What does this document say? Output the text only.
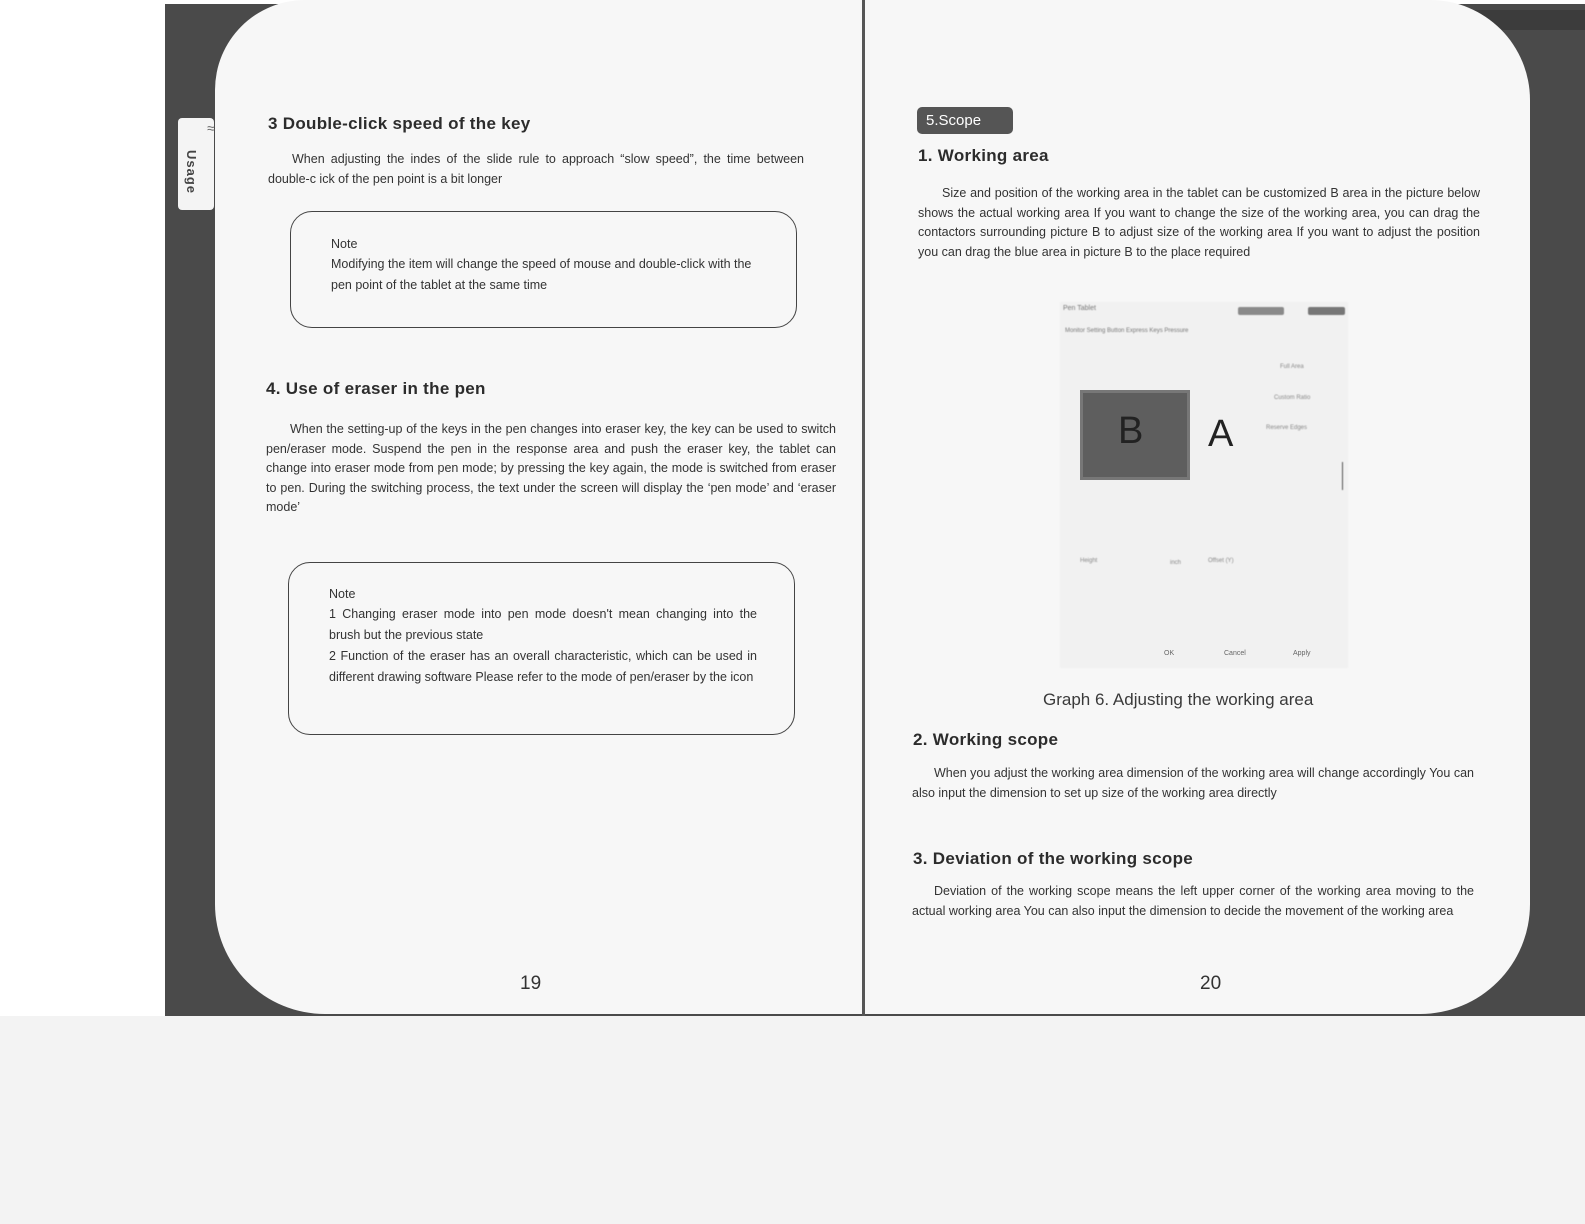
≈
Usage
3 Double-click speed of the key
When adjusting the indes of the slide rule to approach “slow speed”, the time between double-c ick of the pen point is a bit longer
Note
Modifying the item will change the speed of mouse and double-click with the pen point of the tablet at the same time
4. Use of eraser in the pen
When the setting-up of the keys in the pen changes into eraser key, the key can be used to switch pen/eraser mode. Suspend the pen in the response area and push the eraser key, the tablet can change into eraser mode from pen mode; by pressing the key again, the mode is switched from eraser to pen. During the switching process, the text under the screen will display the ‘pen mode’ and ‘eraser mode’
Note
1 Changing eraser mode into pen mode doesn't mean changing into the brush but the previous state
2 Function of the eraser has an overall characteristic, which can be used in different drawing software Please refer to the mode of pen/eraser by the icon
19
5.Scope
1. Working area
Size and position of the working area in the tablet can be customized B area in the picture below shows the actual working area If you want to change the size of the working area, you can drag the contactors surrounding picture B to adjust size of the working area If you want to adjust the position you can drag the blue area in picture B to the place required
Pen Tablet
Monitor Setting Button Express Keys Pressure
Full Area
Custom Ratio
Reserve Edges
Height	Offset (Y)
inch
B A
OK	Cancel	Apply
Graph 6. Adjusting the working area
2. Working scope
When you adjust the working area dimension of the working area will change accordingly You can also input the dimension to set up size of the working area directly
3. Deviation of the working scope
Deviation of the working scope means the left upper corner of the working area moving to the actual working area You can also input the dimension to decide the movement of the working area
20
